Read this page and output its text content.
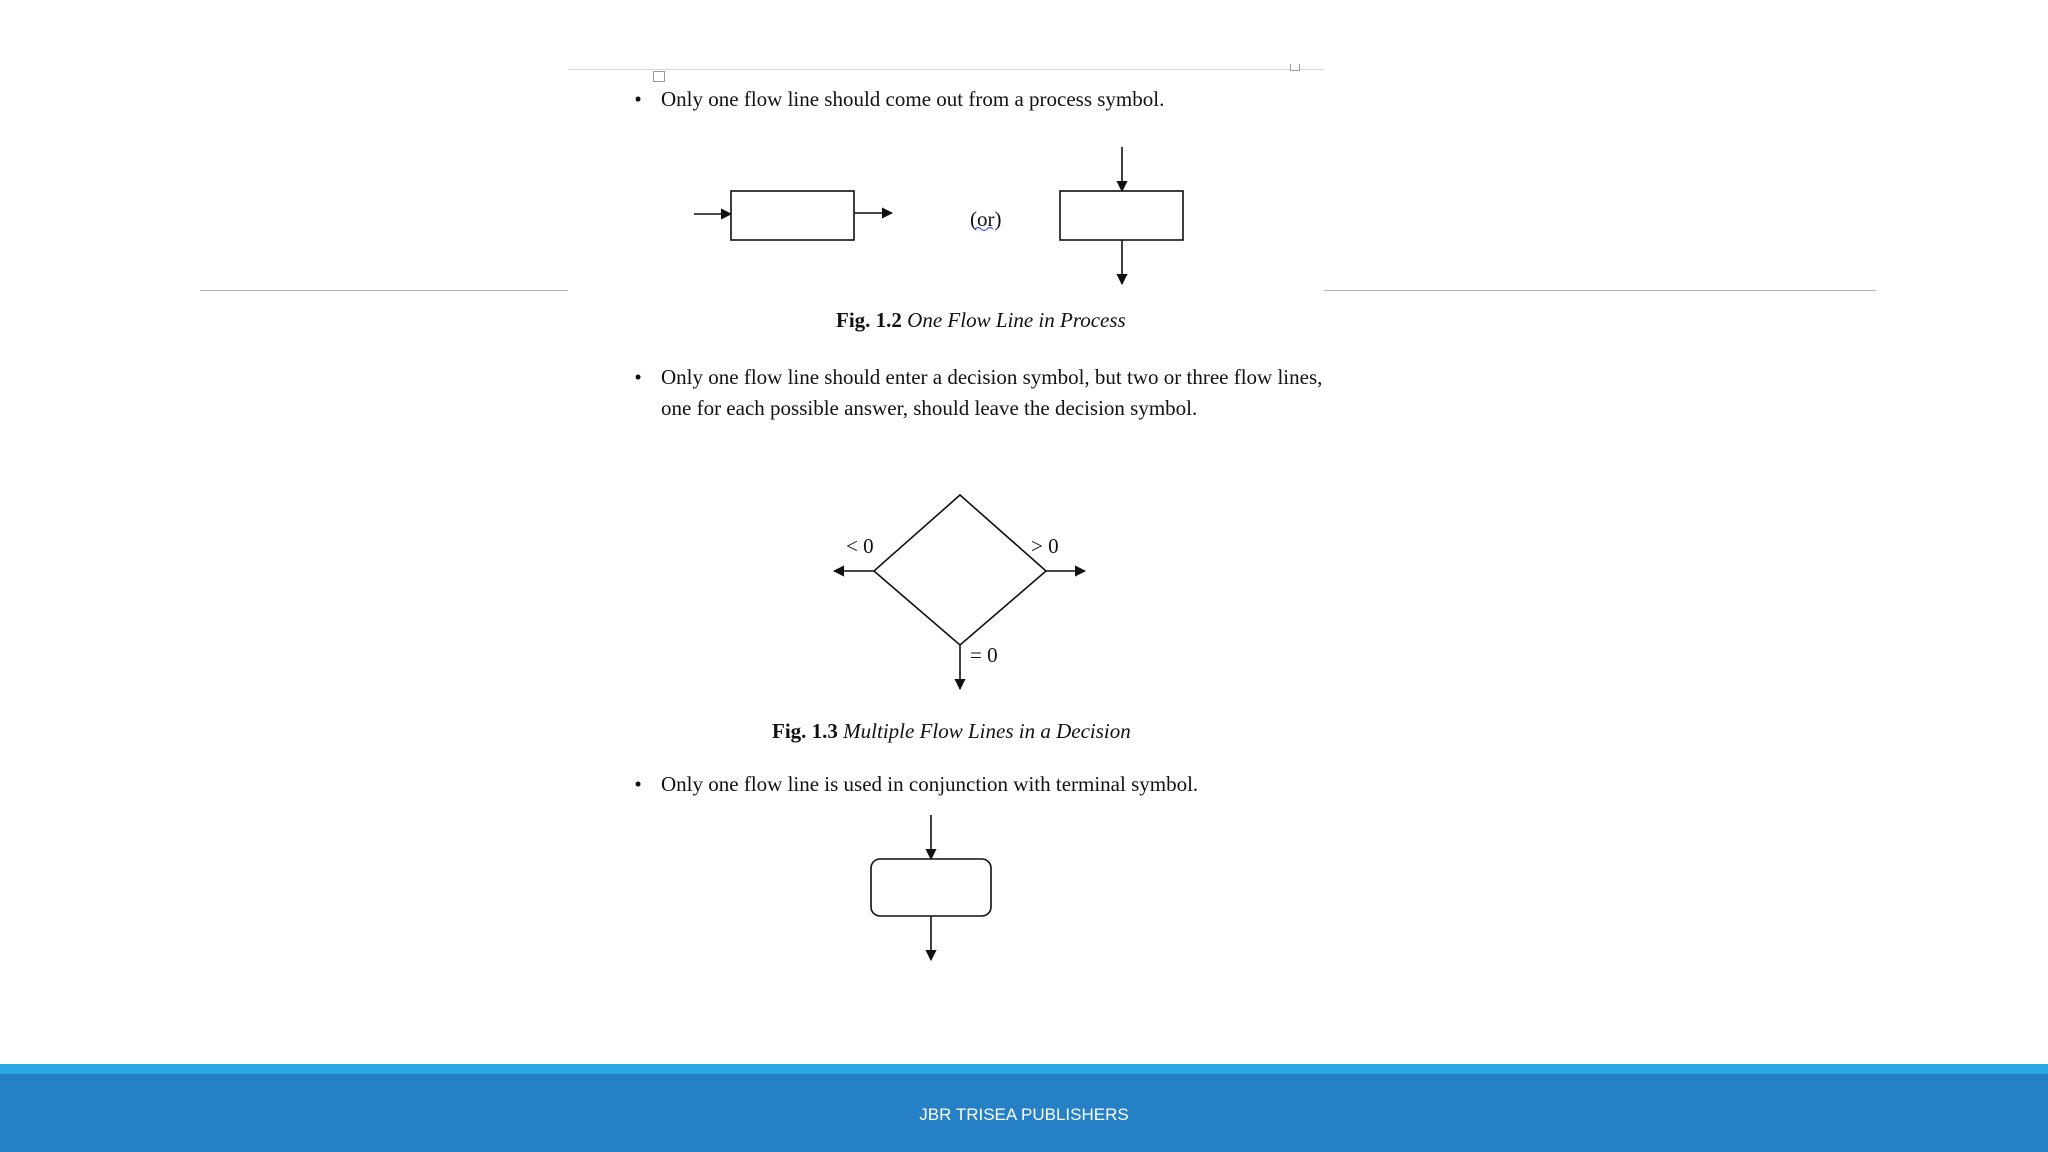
• Only one flow line should come out from a process symbol.
(or)
< 0	> 0
= 0
Fig. 1.2 One Flow Line in Process
• Only one flow line should enter a decision symbol, but two or three flow lines,
one for each possible answer, should leave the decision symbol.
Fig. 1.3 Multiple Flow Lines in a Decision
• Only one flow line is used in conjunction with terminal symbol.
JBR TRISEA PUBLISHERS
